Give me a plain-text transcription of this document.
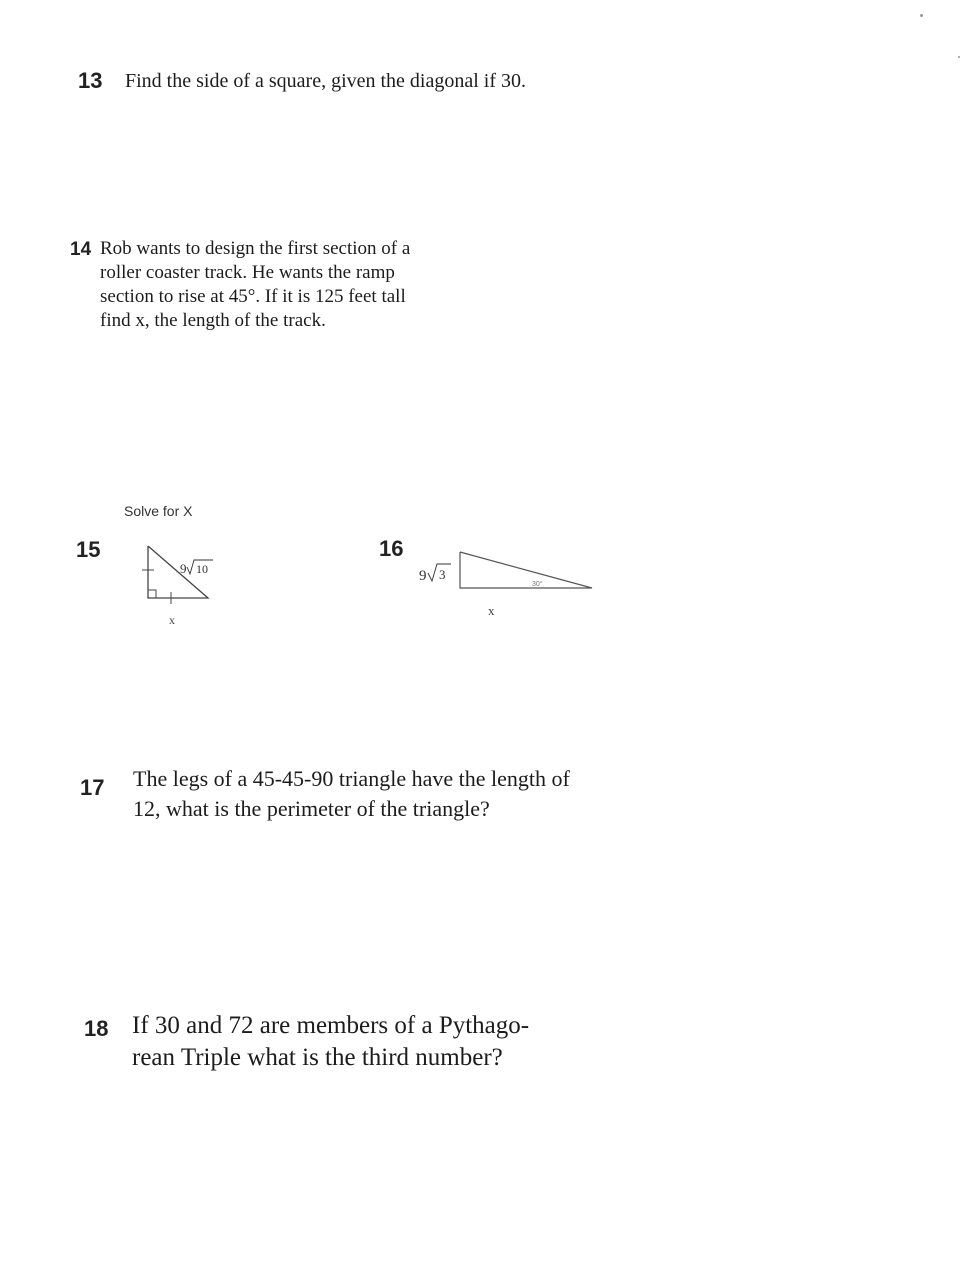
13 Find the side of a square, given the diagonal if 30.
14 Rob wants to design the first section of a
roller coaster track. He wants the ramp
section to rise at 45°. If it is 125 feet tall
find x, the length of the track.
Solve for X
15
9 10
x
16
9 3
30°
x
17 The legs of a 45-45-90 triangle have the length of
12, what is the perimeter of the triangle?
18 If 30 and 72 are members of a Pythago-
rean Triple what is the third number?
